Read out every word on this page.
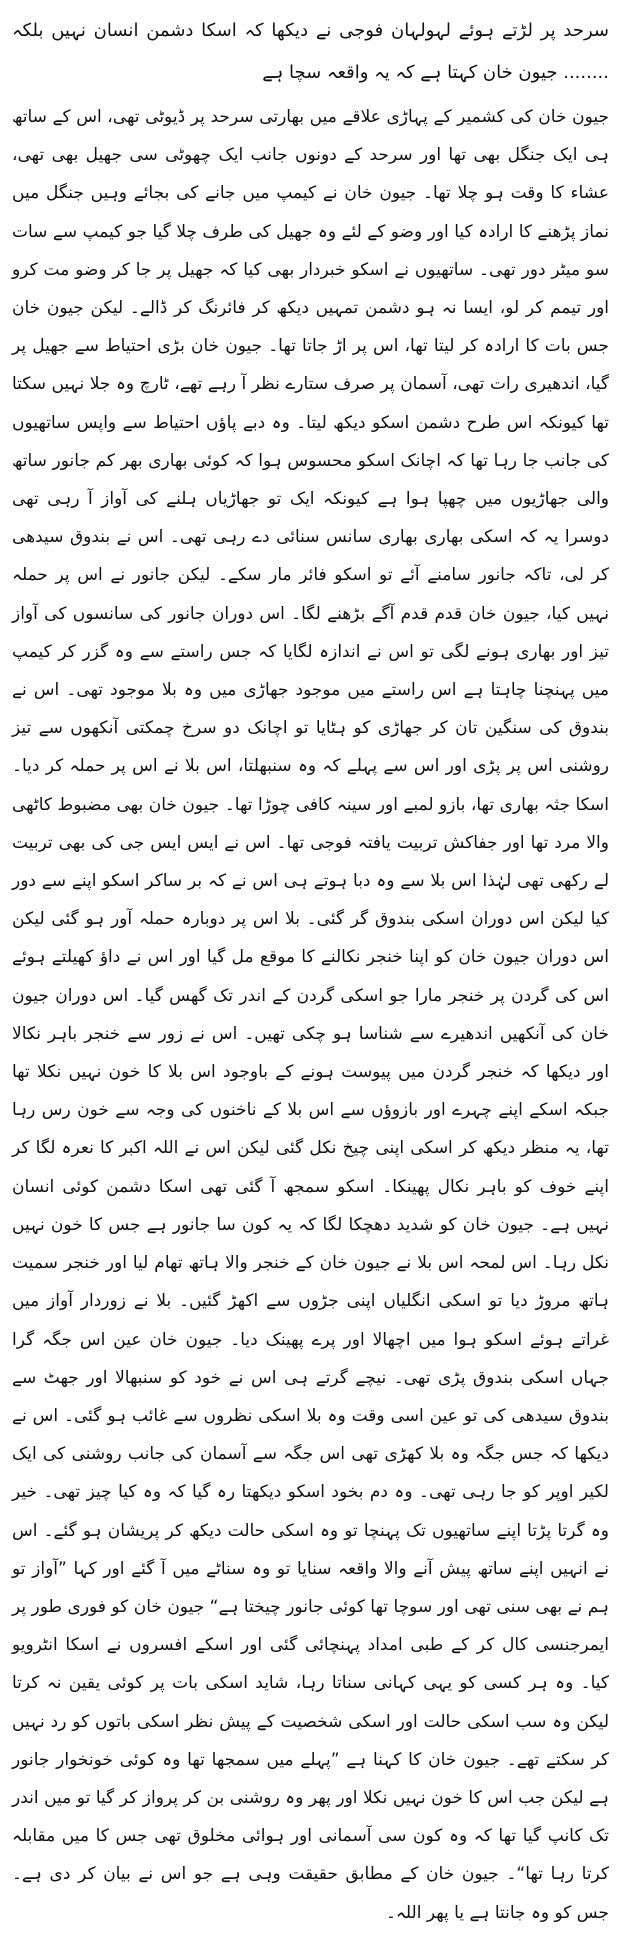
سرحد پر لڑتے ہوئے لہولہان فوجی نے دیکھا کہ اسکا دشمن انسان نہیں بلکہ ........ جیون خان کہتا ہے کہ یہ واقعہ سچا ہے

جیون خان کی کشمیر کے پہاڑی علاقے میں بھارتی سرحد پر ڈیوٹی تھی، اس کے ساتھ ہی ایک جنگل بھی تھا اور سرحد کے دونوں جانب ایک چھوٹی سی جھیل بھی تھی، عشاء کا وقت ہو چلا تھا۔ جیون خان نے کیمپ میں جانے کی بجائے وہیں جنگل میں نماز پڑھنے کا ارادہ کیا اور وضو کے لئے وہ جھیل کی طرف چلا گیا جو کیمپ سے سات سو میٹر دور تھی۔ ساتھیوں نے اسکو خبردار بھی کیا کہ جھیل پر جا کر وضو مت کرو اور تیمم کر لو، ایسا نہ ہو دشمن تمہیں دیکھ کر فائرنگ کر ڈالے۔ لیکن جیون خان جس بات کا ارادہ کر لیتا تھا، اس پر اڑ جاتا تھا۔ جیون خان بڑی احتیاط سے جھیل پر گیا، اندھیری رات تھی، آسمان پر صرف ستارے نظر آ رہے تھے، ٹارچ وہ جلا نہیں سکتا تھا کیونکہ اس طرح دشمن اسکو دیکھ لیتا۔ وہ دبے پاؤں احتیاط سے واپس ساتھیوں کی جانب جا رہا تھا کہ اچانک اسکو محسوس ہوا کہ کوئی بھاری بھر کم جانور ساتھ والی جھاڑیوں میں چھپا ہوا ہے کیونکہ ایک تو جھاڑیاں ہلنے کی آواز آ رہی تھی دوسرا یہ کہ اسکی بھاری بھاری سانس سنائی دے رہی تھی۔ اس نے بندوق سیدھی کر لی، تاکہ جانور سامنے آئے تو اسکو فائر مار سکے۔ لیکن جانور نے اس پر حملہ نہیں کیا، جیون خان قدم قدم آگے بڑھنے لگا۔ اس دوران جانور کی سانسوں کی آواز تیز اور بھاری ہونے لگی تو اس نے اندازہ لگایا کہ جس راستے سے وہ گزر کر کیمپ میں پہنچنا چاہتا ہے اس راستے میں موجود جھاڑی میں وہ بلا موجود تھی۔ اس نے بندوق کی سنگین تان کر جھاڑی کو ہٹایا تو اچانک دو سرخ چمکتی آنکھوں سے تیز روشنی اس پر پڑی اور اس سے پہلے کہ وہ سنبھلتا، اس بلا نے اس پر حملہ کر دیا۔ اسکا جثہ بھاری تھا، بازو لمبے اور سینہ کافی چوڑا تھا۔ جیون خان بھی مضبوط کاٹھی والا مرد تھا اور جفاکش تربیت یافتہ فوجی تھا۔ اس نے ایس ایس جی کی بھی تربیت لے رکھی تھی لہٰذا اس بلا سے وہ دبا ہوتے ہی اس نے کہ بر ساکر اسکو اپنے سے دور کیا لیکن اس دوران اسکی بندوق گر گئی۔ بلا اس پر دوبارہ حملہ آور ہو گئی لیکن اس دوران جیون خان کو اپنا خنجر نکالنے کا موقع مل گیا اور اس نے داؤ کھیلتے ہوئے اس کی گردن پر خنجر مارا جو اسکی گردن کے اندر تک گھس گیا۔ اس دوران جیون خان کی آنکھیں اندھیرے سے شناسا ہو چکی تھیں۔ اس نے زور سے خنجر باہر نکالا اور دیکھا کہ خنجر گردن میں پیوست ہونے کے باوجود اس بلا کا خون نہیں نکلا تھا جبکہ اسکے اپنے چہرے اور بازوؤں سے اس بلا کے ناخنوں کی وجہ سے خون رس رہا تھا، یہ منظر دیکھ کر اسکی اپنی چیخ نکل گئی لیکن اس نے اللہ اکبر کا نعرہ لگا کر اپنے خوف کو باہر نکال پھینکا۔ اسکو سمجھ آ گئی تھی اسکا دشمن کوئی انسان نہیں ہے۔ جیون خان کو شدید دھچکا لگا کہ یہ کون سا جانور ہے جس کا خون نہیں نکل رہا۔ اس لمحہ اس بلا نے جیون خان کے خنجر والا ہاتھ تھام لیا اور خنجر سمیت ہاتھ مروڑ دیا تو اسکی انگلیاں اپنی جڑوں سے اکھڑ گئیں۔ بلا نے زوردار آواز میں غراتے ہوئے اسکو ہوا میں اچھالا اور پرے پھینک دیا۔ جیون خان عین اس جگہ گرا جہاں اسکی بندوق پڑی تھی۔ نیچے گرتے ہی اس نے خود کو سنبھالا اور جھٹ سے بندوق سیدھی کی تو عین اسی وقت وہ بلا اسکی نظروں سے غائب ہو گئی۔ اس نے دیکھا کہ جس جگہ وہ بلا کھڑی تھی اس جگہ سے آسمان کی جانب روشنی کی ایک لکیر اوپر کو جا رہی تھی۔ وہ دم بخود اسکو دیکھتا رہ گیا کہ وہ کیا چیز تھی۔ خیر وہ گرتا پڑتا اپنے ساتھیوں تک پہنچا تو وہ اسکی حالت دیکھ کر پریشان ہو گئے۔ اس نے انہیں اپنے ساتھ پیش آنے والا واقعہ سنایا تو وہ سناٹے میں آ گئے اور کہا ”آواز تو ہم نے بھی سنی تھی اور سوچا تھا کوئی جانور چیختا ہے“ جیون خان کو فوری طور پر ایمرجنسی کال کر کے طبی امداد پہنچائی گئی اور اسکے افسروں نے اسکا انٹرویو کیا۔ وہ ہر کسی کو یہی کہانی سناتا رہا، شاید اسکی بات پر کوئی یقین نہ کرتا لیکن وہ سب اسکی حالت اور اسکی شخصیت کے پیش نظر اسکی باتوں کو رد نہیں کر سکتے تھے۔ جیون خان کا کہنا ہے ”پہلے میں سمجھا تھا وہ کوئی خونخوار جانور ہے لیکن جب اس کا خون نہیں نکلا اور پھر وہ روشنی بن کر پرواز کر گیا تو میں اندر تک کانپ گیا تھا کہ وہ کون سی آسمانی اور ہوائی مخلوق تھی جس کا میں مقابلہ کرتا رہا تھا“۔ جیون خان کے مطابق حقیقت وہی ہے جو اس نے بیان کر دی ہے۔ جس کو وہ جانتا ہے یا پھر اللہ۔
